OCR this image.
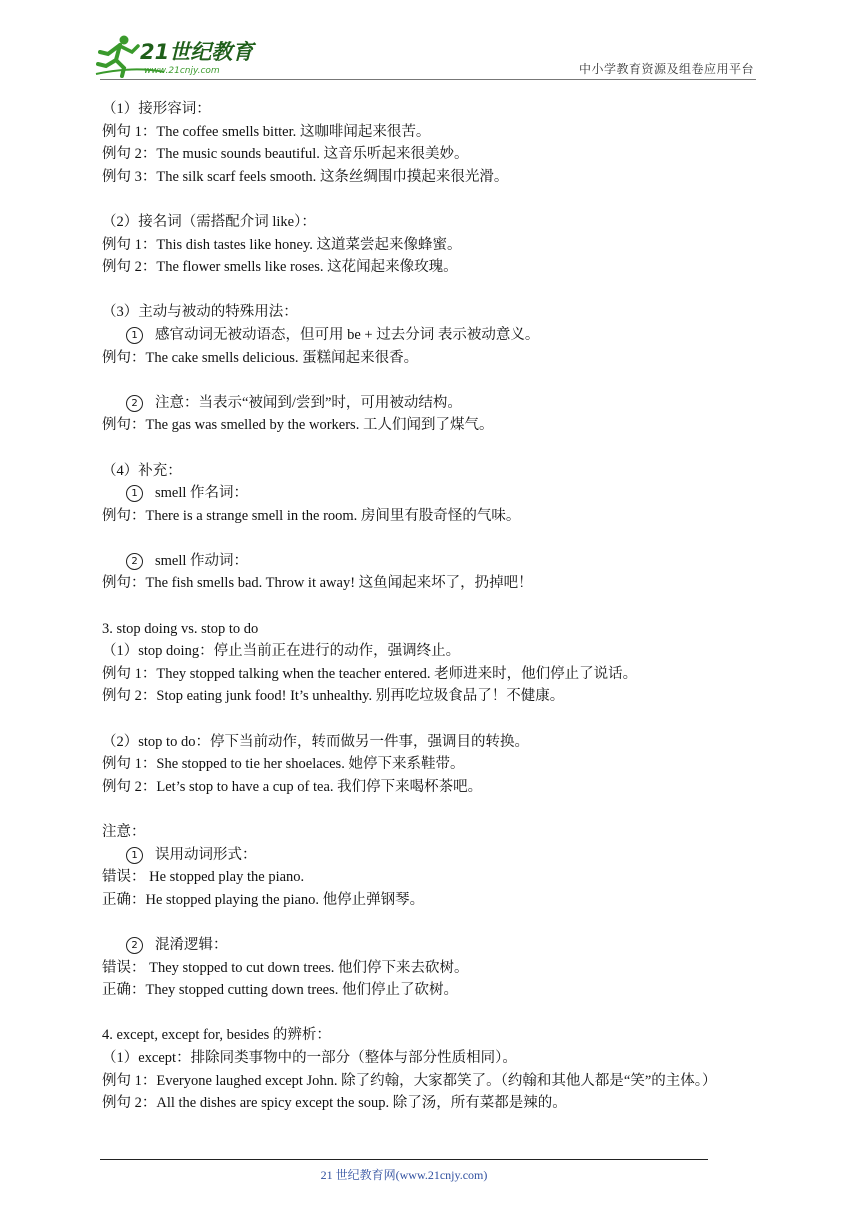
21世纪教育
www.21cnjy.com	中小学教育资源及组卷应用平台
（1）接形容词：
例句 1：The coffee smells bitter. 这咖啡闻起来很苦。
例句 2：The music sounds beautiful. 这音乐听起来很美妙。
例句 3：The silk scarf feels smooth. 这条丝绸围巾摸起来很光滑。
（2）接名词（需搭配介词 like）：
例句 1：This dish tastes like honey. 这道菜尝起来像蜂蜜。
例句 2：The flower smells like roses. 这花闻起来像玫瑰。
（3）主动与被动的特殊用法：
1 感官动词无被动语态，但可用 be + 过去分词 表示被动意义。
例句：The cake smells delicious. 蛋糕闻起来很香。
2 注意：当表示“被闻到/尝到”时，可用被动结构。
例句：The gas was smelled by the workers. 工人们闻到了煤气。
（4）补充：
1 smell 作名词：
例句：There is a strange smell in the room. 房间里有股奇怪的气味。
2 smell 作动词：
例句：The fish smells bad. Throw it away! 这鱼闻起来坏了，扔掉吧！
3. stop doing vs. stop to do
（1）stop doing：停止当前正在进行的动作，强调终止。
例句 1：They stopped talking when the teacher entered. 老师进来时，他们停止了说话。
例句 2：Stop eating junk food! It’s unhealthy. 别再吃垃圾食品了！不健康。
（2）stop to do：停下当前动作，转而做另一件事，强调目的转换。
例句 1：She stopped to tie her shoelaces. 她停下来系鞋带。
例句 2：Let’s stop to have a cup of tea. 我们停下来喝杯茶吧。
注意：
1 误用动词形式：
错误： He stopped play the piano.
正确：He stopped playing the piano. 他停止弹钢琴。
2 混淆逻辑：
错误： They stopped to cut down trees. 他们停下来去砍树。
正确：They stopped cutting down trees. 他们停止了砍树。
4. except, except for, besides 的辨析：
（1）except：排除同类事物中的一部分（整体与部分性质相同）。
例句 1：Everyone laughed except John. 除了约翰，大家都笑了。（约翰和其他人都是“笑”的主体。）
例句 2：All the dishes are spicy except the soup. 除了汤，所有菜都是辣的。
21 世纪教育网(www.21cnjy.com)
